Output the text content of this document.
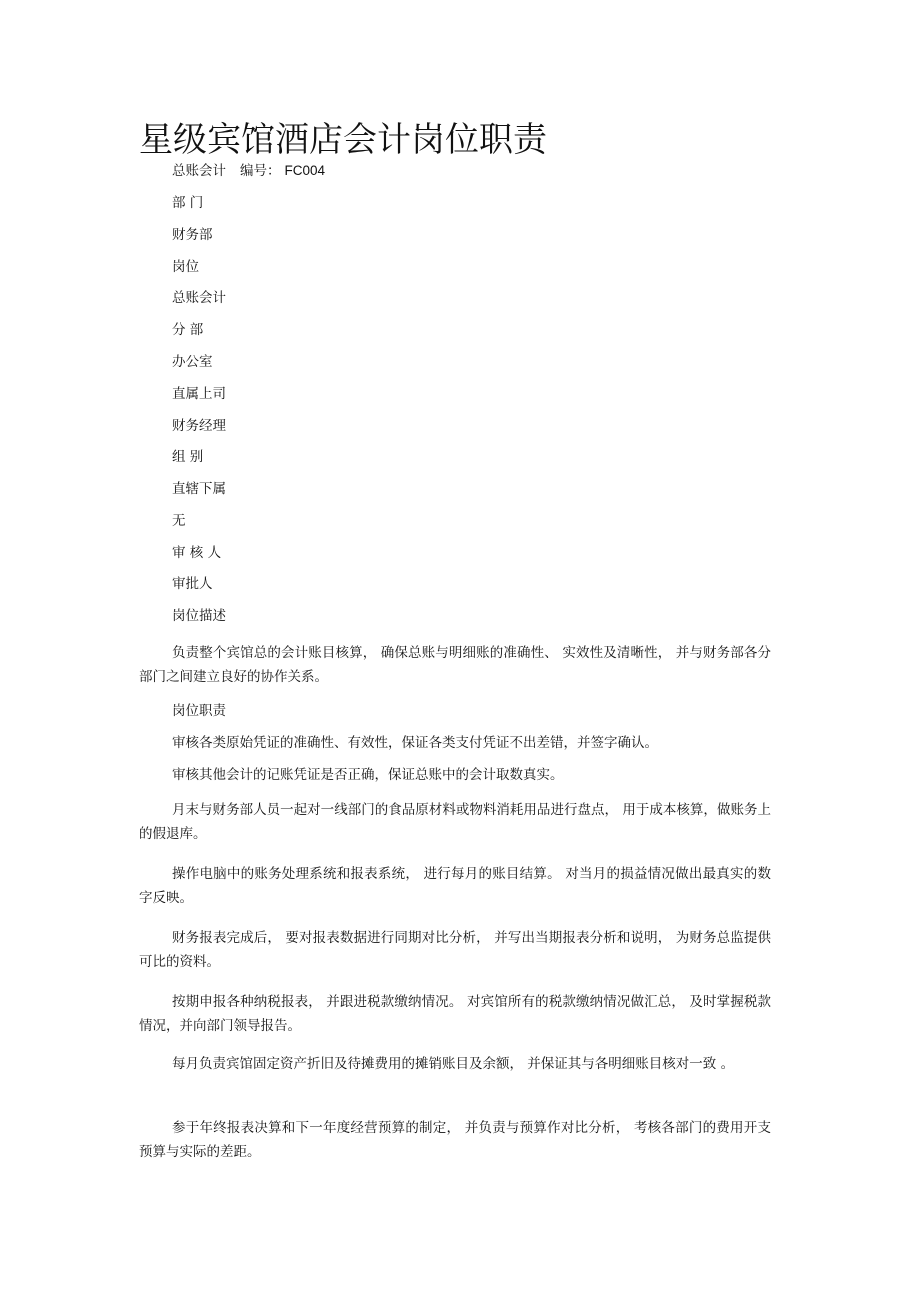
星级宾馆酒店会计岗位职责
总账会计 编号： FC004
部 门
财务部
岗位
总账会计
分 部
办公室
直属上司
财务经理
组 别
直辖下属
无
审 核 人
审批人
岗位描述
负责整个宾馆总的会计账目核算， 确保总账与明细账的准确性、 实效性及清晰性， 并与财务部各分部门之间建立良好的协作关系。
岗位职责
审核各类原始凭证的准确性、有效性，保证各类支付凭证不出差错，并签字确认。
审核其他会计的记账凭证是否正确，保证总账中的会计取数真实。
月末与财务部人员一起对一线部门的食品原材料或物料消耗用品进行盘点， 用于成本核算，做账务上的假退库。
操作电脑中的账务处理系统和报表系统， 进行每月的账目结算。 对当月的损益情况做出最真实的数字反映。
财务报表完成后， 要对报表数据进行同期对比分析， 并写出当期报表分析和说明， 为财务总监提供可比的资料。
按期申报各种纳税报表， 并跟进税款缴纳情况。 对宾馆所有的税款缴纳情况做汇总， 及时掌握税款情况，并向部门领导报告。
每月负责宾馆固定资产折旧及待摊费用的摊销账目及余额， 并保证其与各明细账目核对一致 。
参于年终报表决算和下一年度经营预算的制定， 并负责与预算作对比分析， 考核各部门的费用开支预算与实际的差距。
